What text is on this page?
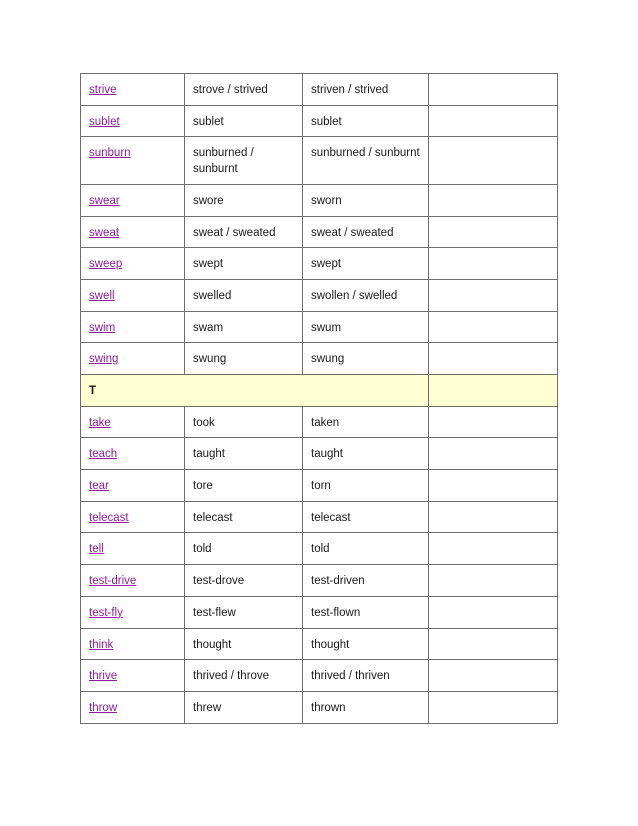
strive	strove / strived	striven / strived	
sublet	sublet	sublet	
sunburn	sunburned / sunburnt	sunburned / sunburnt	
swear	swore	sworn	
sweat	sweat / sweated	sweat / sweated	
sweep	swept	swept	
swell	swelled	swollen / swelled	
swim	swam	swum	
swing	swung	swung	
T			
take	took	taken	
teach	taught	taught	
tear	tore	torn	
telecast	telecast	telecast	
tell	told	told	
test-drive	test-drove	test-driven	
test-fly	test-flew	test-flown	
think	thought	thought	
thrive	thrived / throve	thrived / thriven	
throw	threw	thrown	
